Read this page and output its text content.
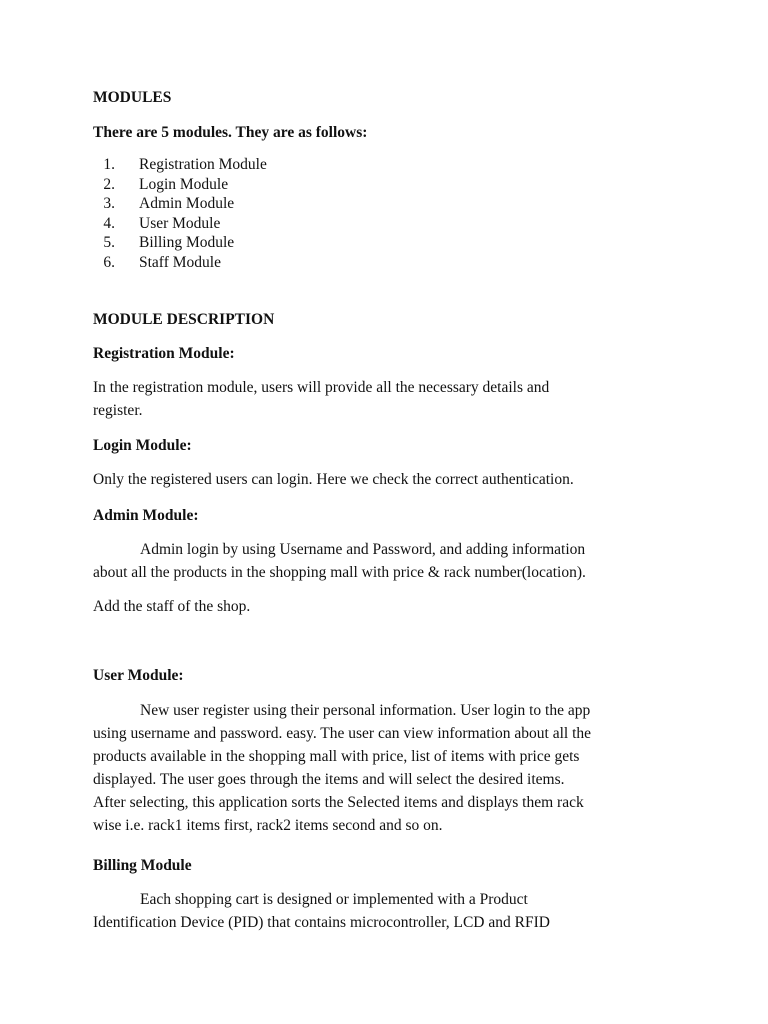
MODULES

There are 5 modules. They are as follows:

1. Registration Module
2. Login Module
3. Admin Module
4. User Module
5. Billing Module
6. Staff Module

MODULE DESCRIPTION

Registration Module:

In the registration module, users will provide all the necessary details and
register.

Login Module:

Only the registered users can login. Here we check the correct authentication.

Admin Module:

Admin login by using Username and Password, and adding information
about all the products in the shopping mall with price & rack number(location).

Add the staff of the shop.

User Module:

New user register using their personal information. User login to the app
using username and password. easy. The user can view information about all the
products available in the shopping mall with price, list of items with price gets
displayed. The user goes through the items and will select the desired items.
After selecting, this application sorts the Selected items and displays them rack
wise i.e. rack1 items first, rack2 items second and so on.

Billing Module

Each shopping cart is designed or implemented with a Product
Identification Device (PID) that contains microcontroller, LCD and RFID
